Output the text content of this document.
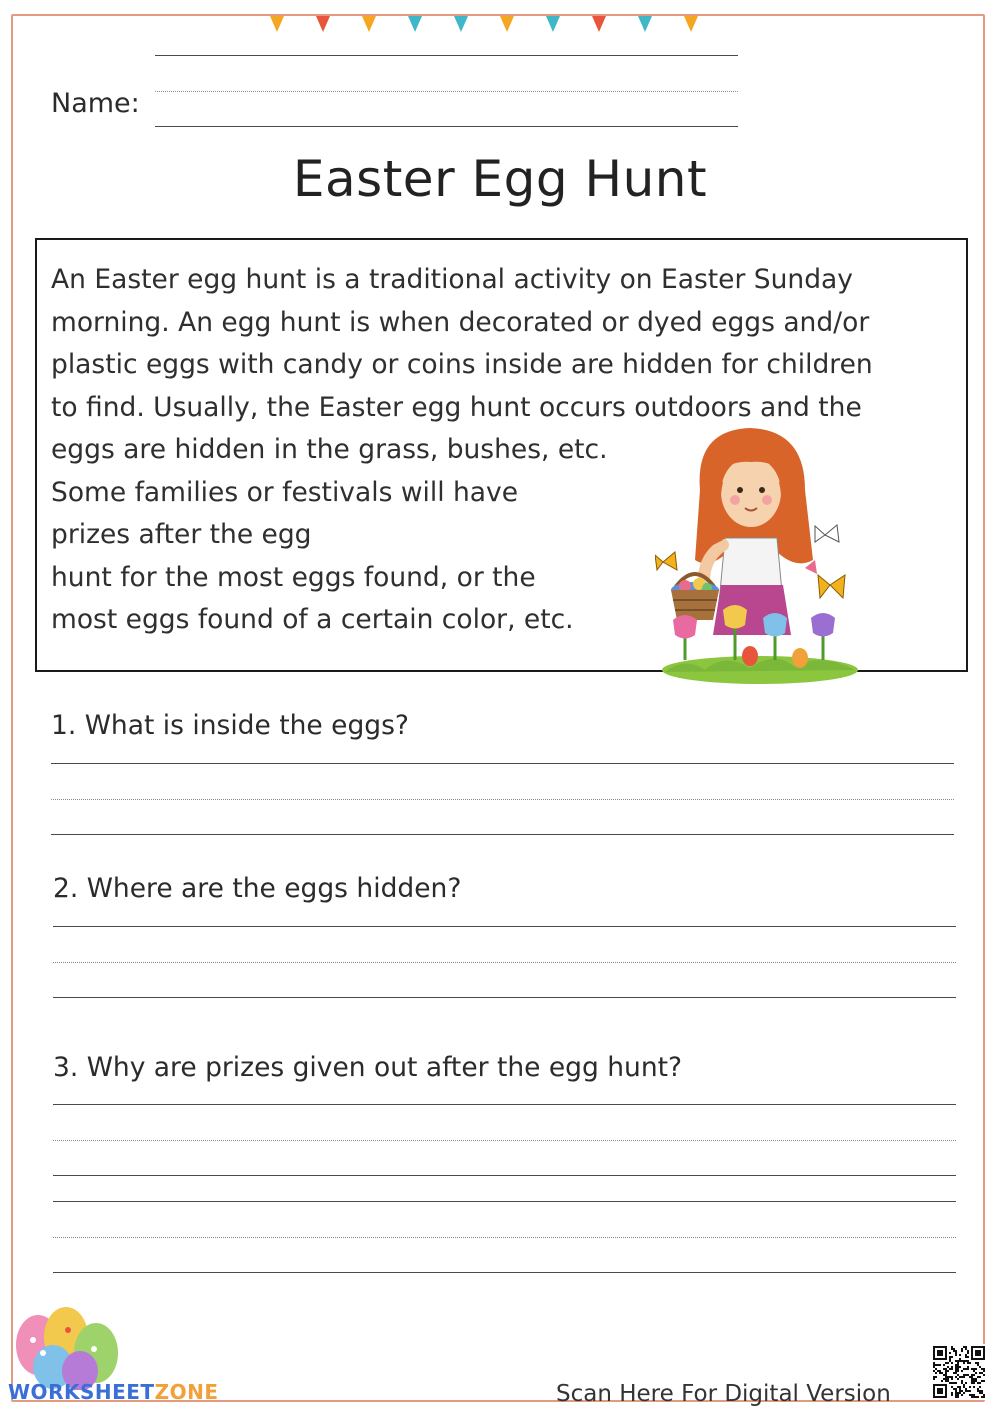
Name:
Easter Egg Hunt
An Easter egg hunt is a traditional activity on Easter Sunday
morning. An egg hunt is when decorated or dyed eggs and/or
plastic eggs with candy or coins inside are hidden for children
to find. Usually, the Easter egg hunt occurs outdoors and the
eggs are hidden in the grass, bushes, etc.
Some families or festivals will have
prizes after the egg
hunt for the most eggs found, or the
most eggs found of a certain color, etc.
1. What is inside the eggs?
2. Where are the eggs hidden?
3. Why are prizes given out after the egg hunt?
WORKSHEETZONE	Scan Here For Digital Version
